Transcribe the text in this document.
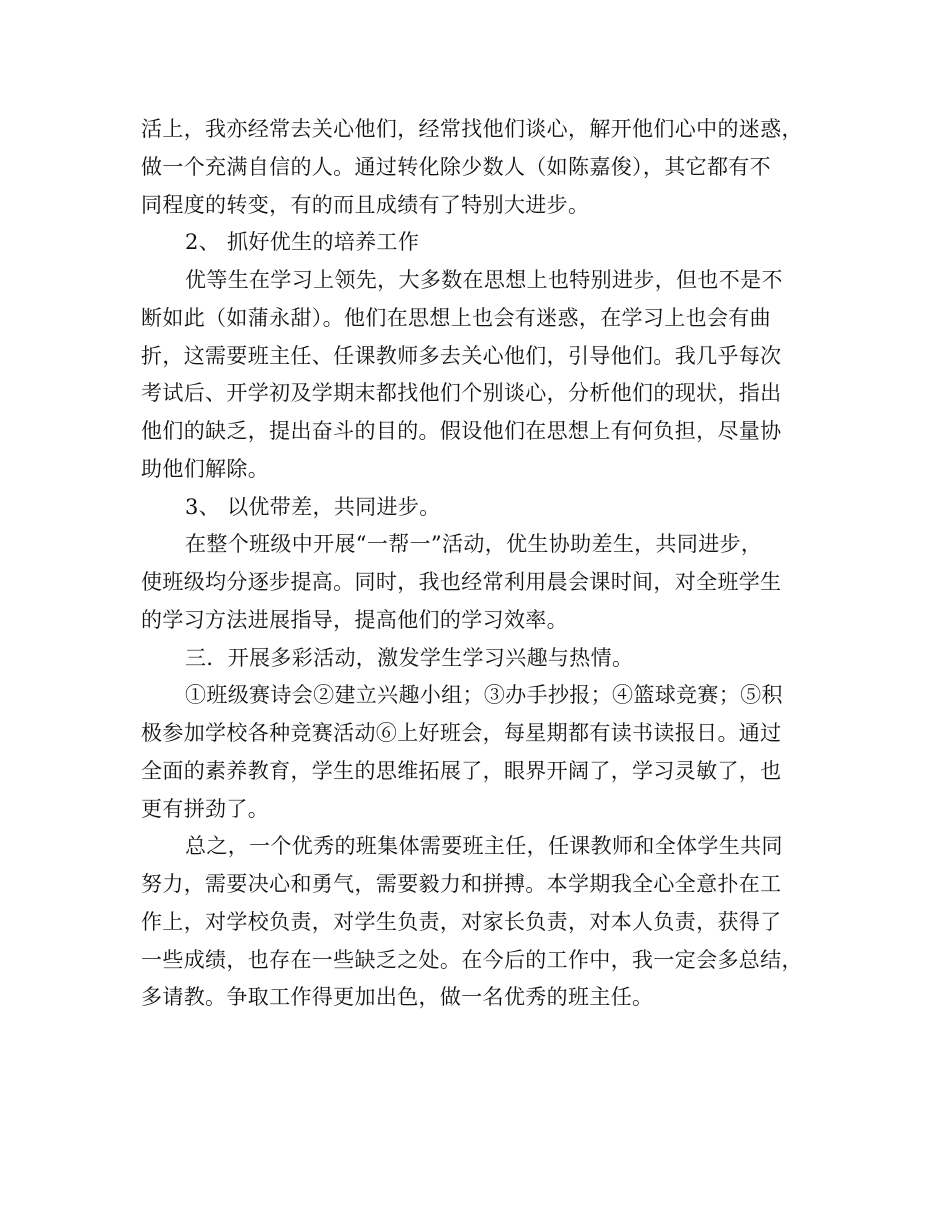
活上，我亦经常去关心他们，经常找他们谈心，解开他们心中的迷惑，

做一个充满自信的人。通过转化除少数人（如陈嘉俊），其它都有不

同程度的转变，有的而且成绩有了特别大进步。

2、 抓好优生的培养工作

优等生在学习上领先，大多数在思想上也特别进步，但也不是不

断如此（如蒲永甜）。他们在思想上也会有迷惑，在学习上也会有曲

折，这需要班主任、任课教师多去关心他们，引导他们。我几乎每次

考试后、开学初及学期末都找他们个别谈心，分析他们的现状，指出

他们的缺乏，提出奋斗的目的。假设他们在思想上有何负担，尽量协

助他们解除。

3、 以优带差，共同进步。

在整个班级中开展“一帮一”活动，优生协助差生，共同进步，

使班级均分逐步提高。同时，我也经常利用晨会课时间，对全班学生

的学习方法进展指导，提高他们的学习效率。

三．开展多彩活动，激发学生学习兴趣与热情。

①班级赛诗会②建立兴趣小组；③办手抄报；④篮球竞赛；⑤积

极参加学校各种竞赛活动⑥上好班会，每星期都有读书读报日。通过

全面的素养教育，学生的思维拓展了，眼界开阔了，学习灵敏了，也

更有拼劲了。

总之，一个优秀的班集体需要班主任，任课教师和全体学生共同

努力，需要决心和勇气，需要毅力和拼搏。本学期我全心全意扑在工

作上，对学校负责，对学生负责，对家长负责，对本人负责，获得了

一些成绩，也存在一些缺乏之处。在今后的工作中，我一定会多总结，

多请教。争取工作得更加出色，做一名优秀的班主任。
